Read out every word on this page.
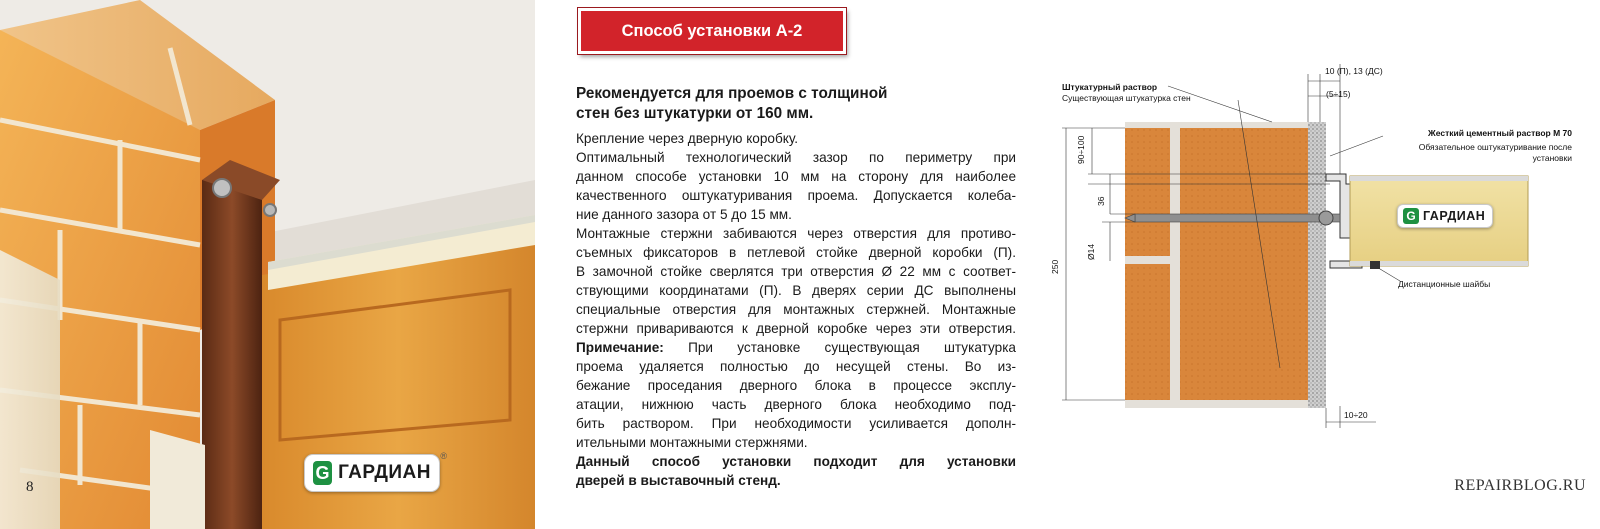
8
G ГАРДИАН
®
Способ установки А-2
Рекомендуется для проемов с толщиной
стен без штукатурки от 160 мм.
Крепление через дверную коробку.
Оптимальный технологический зазор по периметру при
данном способе установки 10 мм на сторону для наиболее
качественного оштукатуривания проема. Допускается колеба-
ние данного зазора от 5 до 15 мм.
Монтажные стержни забиваются через отверстия для противо-
съемных фиксаторов в петлевой стойке дверной коробки (П).
В замочной стойке сверлятся три отверстия Ø 22 мм с соответ-
ствующими координатами (П). В дверях серии ДС выполнены
специальные отверстия для монтажных стержней. Монтажные
стержни привариваются к дверной коробке через эти отверстия.
Примечание: При установке существующая штукатурка
проема удаляется полностью до несущей стены. Во из-
бежание проседания дверного блока в процессе эксплу-
атации, нижнюю часть дверного блока необходимо под-
бить раствором. При необходимости усиливается дополн-
ительными монтажными стержнями.
Данный способ установки подходит для установки
дверей в выставочный стенд.
Штукатурный раствор
Существующая штукатурка стен
10 (П), 13 (ДС)
(5÷15)
Жесткий цементный раствор М 70
Обязательное оштукатуривание после
установки
Дистанционные шайбы
90÷100
36
Ø14
250
10÷20
G ГАРДИАН
REPAIRBLOG.RU
